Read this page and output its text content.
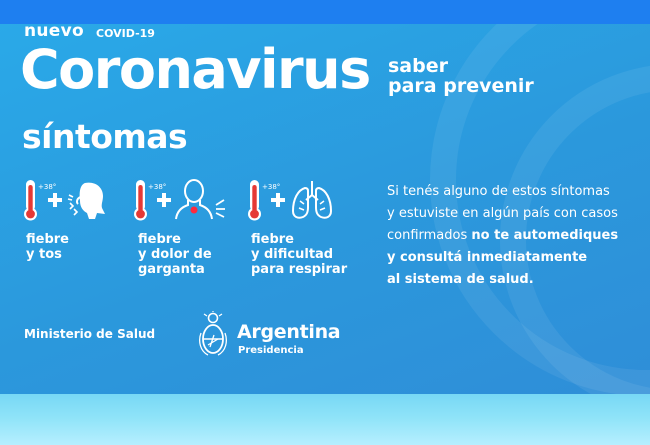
nuevo COVID-19
Coronavirus saber
para prevenir
síntomas
+38°	+38°	+38°
fiebre
y tos
fiebre
y dolor de
garganta
fiebre
y dificultad
para respirar
Si tenés alguno de estos síntomas
y estuviste en algún país con casos
confirmados no te automediques
y consultá inmediatamente
al sistema de salud.
Ministerio de Salud	Argentina
Presidencia
